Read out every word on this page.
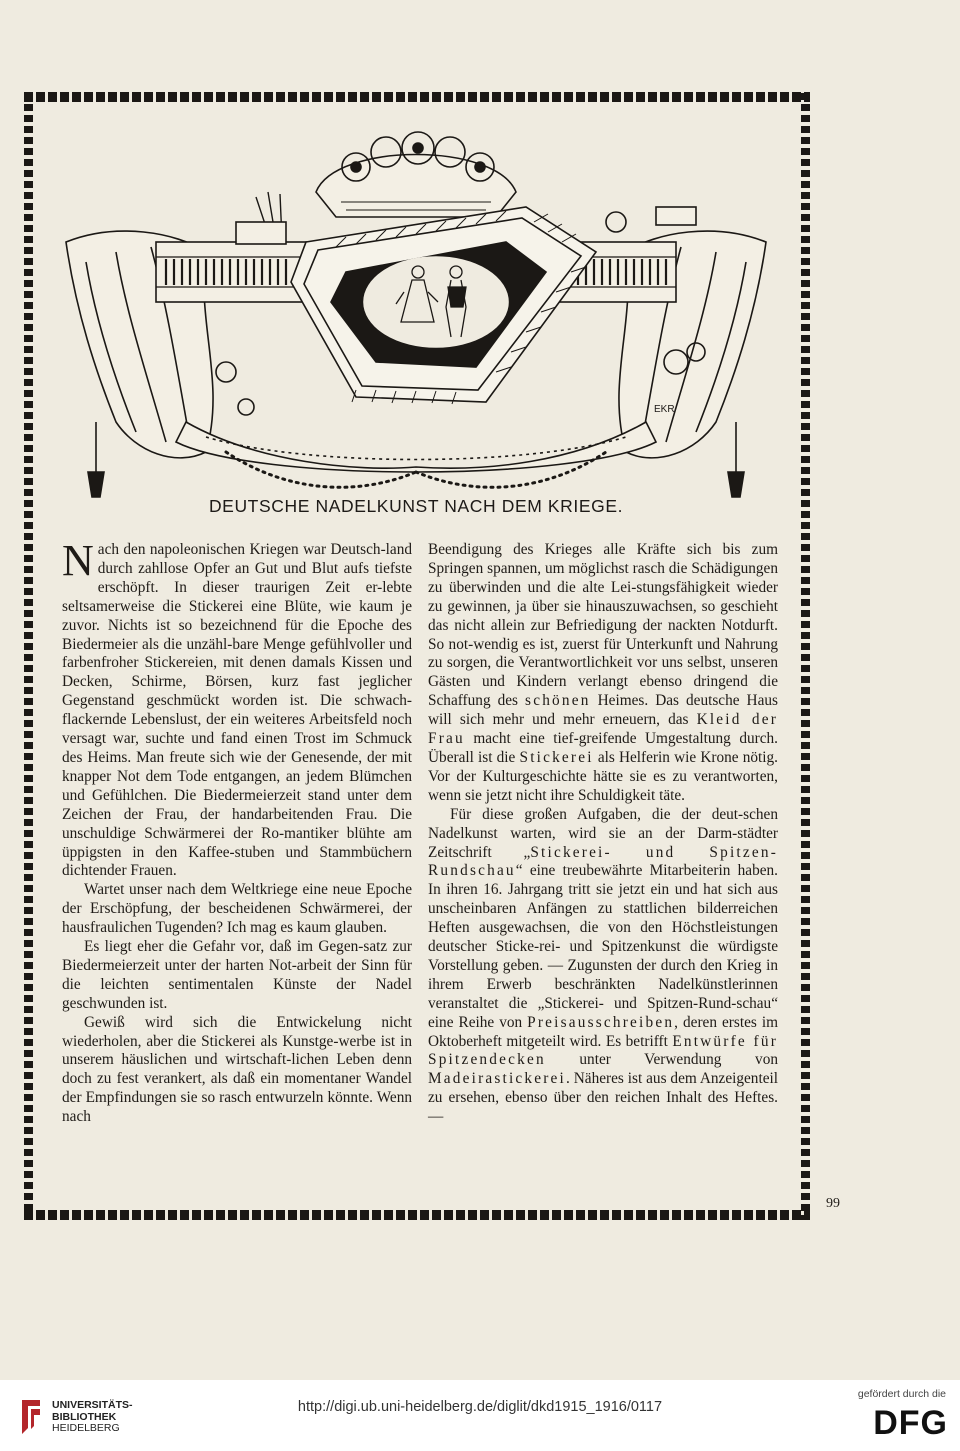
EKR
DEUTSCHE NADELKUNST NACH DEM KRIEGE.

Nach den napoleonischen Kriegen war Deutsch-land durch zahllose Opfer an Gut und Blut aufs tiefste erschöpft. In dieser traurigen Zeit er-lebte seltsamerweise die Stickerei eine Blüte, wie kaum je zuvor. Nichts ist so bezeichnend für die Epoche des Biedermeier als die unzähl-bare Menge gefühlvoller und farbenfroher Stickereien, mit denen damals Kissen und Decken, Schirme, Börsen, kurz fast jeglicher Gegenstand geschmückt worden ist. Die schwach-flackernde Lebenslust, der ein weiteres Arbeitsfeld noch versagt war, suchte und fand einen Trost im Schmuck des Heims. Man freute sich wie der Genesende, der mit knapper Not dem Tode entgangen, an jedem Blümchen und Gefühlchen. Die Biedermeierzeit stand unter dem Zeichen der Frau, der handarbeitenden Frau. Die unschuldige Schwärmerei der Ro-mantiker blühte am üppigsten in den Kaffee-stuben und Stammbüchern dichtender Frauen.

Wartet unser nach dem Weltkriege eine neue Epoche der Erschöpfung, der bescheidenen Schwärmerei, der hausfraulichen Tugenden? Ich mag es kaum glauben.

Es liegt eher die Gefahr vor, daß im Gegen-satz zur Biedermeierzeit unter der harten Not-arbeit der Sinn für die leichten sentimentalen Künste der Nadel geschwunden ist.

Gewiß wird sich die Entwickelung nicht wiederholen, aber die Stickerei als Kunstge-werbe ist in unserem häuslichen und wirtschaft-lichen Leben denn doch zu fest verankert, als daß ein momentaner Wandel der Empfindungen sie so rasch entwurzeln könnte. Wenn nach

Beendigung des Krieges alle Kräfte sich bis zum Springen spannen, um möglichst rasch die Schädigungen zu überwinden und die alte Lei-stungsfähigkeit wieder zu gewinnen, ja über sie hinauszuwachsen, so geschieht das nicht allein zur Befriedigung der nackten Notdurft. So not-wendig es ist, zuerst für Unterkunft und Nahrung zu sorgen, die Verantwortlichkeit vor uns selbst, unseren Gästen und Kindern verlangt ebenso dringend die Schaffung des schönen Heimes. Das deutsche Haus will sich mehr und mehr erneuern, das Kleid der Frau macht eine tief-greifende Umgestaltung durch. Überall ist die Stickerei als Helferin wie Krone nötig. Vor der Kulturgeschichte hätte sie es zu verantworten, wenn sie jetzt nicht ihre Schuldigkeit täte.

Für diese großen Aufgaben, die der deut-schen Nadelkunst warten, wird sie an der Darm-städter Zeitschrift „Stickerei- und Spitzen-Rundschau“ eine treubewährte Mitarbeiterin haben. In ihren 16. Jahrgang tritt sie jetzt ein und hat sich aus unscheinbaren Anfängen zu stattlichen bilderreichen Heften ausgewachsen, die von den Höchstleistungen deutscher Sticke-rei- und Spitzenkunst die würdigste Vorstellung geben. — Zugunsten der durch den Krieg in ihrem Erwerb beschränkten Nadelkünstlerinnen veranstaltet die „Stickerei- und Spitzen-Rund-schau“ eine Reihe von Preisausschreiben, deren erstes im Oktoberheft mitgeteilt wird. Es betrifft Entwürfe für Spitzendecken unter Verwendung von Madeirastickerei. Näheres ist aus dem Anzeigenteil zu ersehen, ebenso über den reichen Inhalt des Heftes. —

99
UNIVERSITÄTS-
BIBLIOTHEK
HEIDELBERG
http://digi.ub.uni-heidelberg.de/diglit/dkd1915_1916/0117
gefördert durch die
DFG
